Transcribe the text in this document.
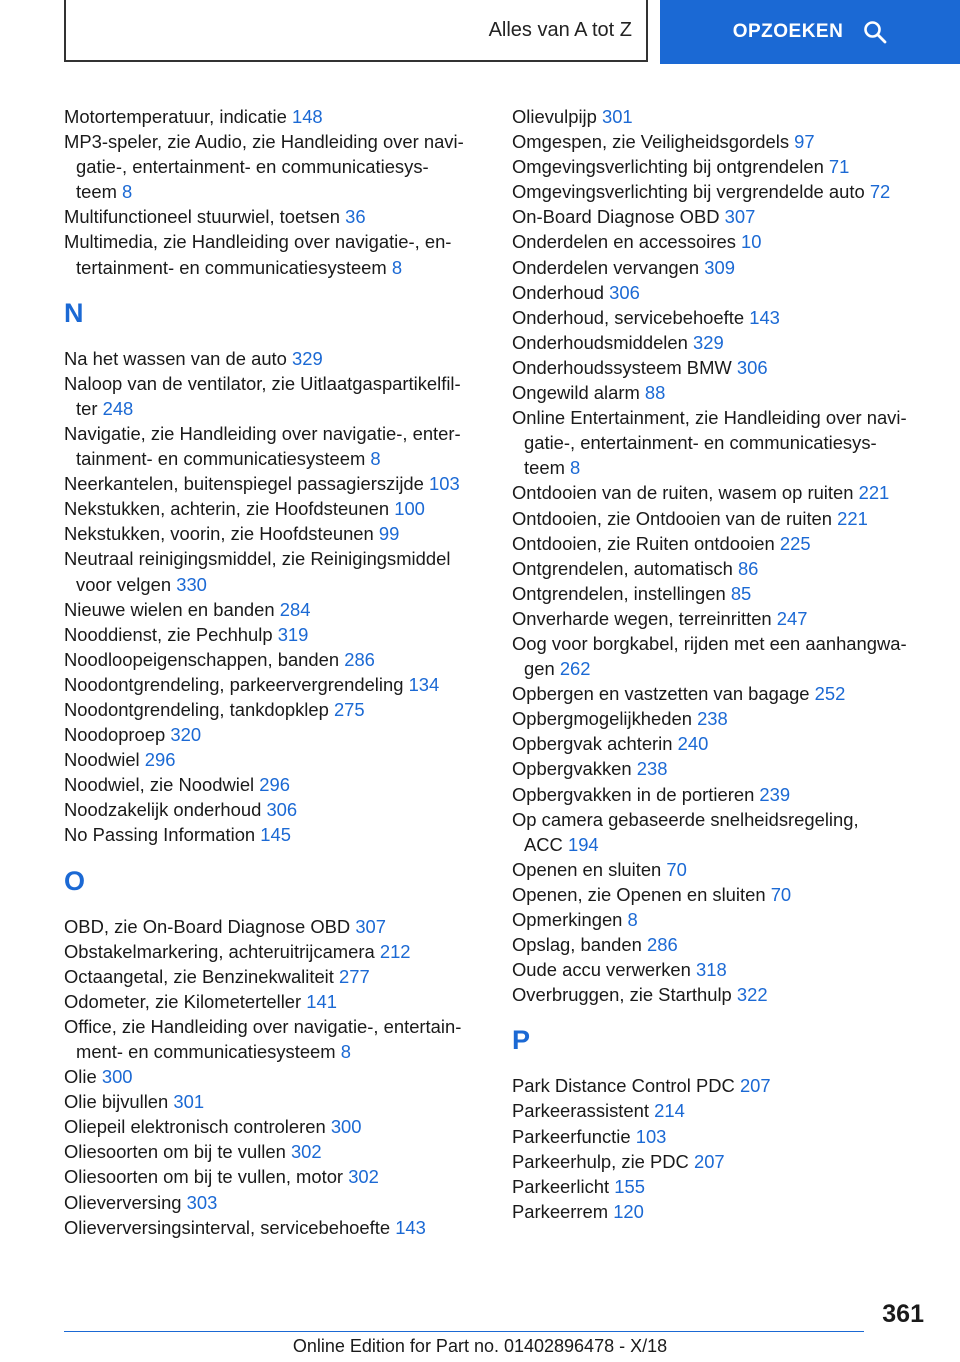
Alles van A tot Z	OPZOEKEN
Motortemperatuur, indicatie 148
MP3-speler, zie Audio, zie Handleiding over navi-
gatie-, entertainment- en communicatiesys-
teem 8
Multifunctioneel stuurwiel, toetsen 36
Multimedia, zie Handleiding over navigatie-, en-
tertainment- en communicatiesysteem 8
N
Na het wassen van de auto 329
Naloop van de ventilator, zie Uitlaatgaspartikelfil-
ter 248
Navigatie, zie Handleiding over navigatie-, enter-
tainment- en communicatiesysteem 8
Neerkantelen, buitenspiegel passagierszijde 103
Nekstukken, achterin, zie Hoofdsteunen 100
Nekstukken, voorin, zie Hoofdsteunen 99
Neutraal reinigingsmiddel, zie Reinigingsmiddel
voor velgen 330
Nieuwe wielen en banden 284
Nooddienst, zie Pechhulp 319
Noodloopeigenschappen, banden 286
Noodontgrendeling, parkeervergrendeling 134
Noodontgrendeling, tankdopklep 275
Noodoproep 320
Noodwiel 296
Noodwiel, zie Noodwiel 296
Noodzakelijk onderhoud 306
No Passing Information 145
O
OBD, zie On-Board Diagnose OBD 307
Obstakelmarkering, achteruitrijcamera 212
Octaangetal, zie Benzinekwaliteit 277
Odometer, zie Kilometerteller 141
Office, zie Handleiding over navigatie-, entertain-
ment- en communicatiesysteem 8
Olie 300
Olie bijvullen 301
Oliepeil elektronisch controleren 300
Oliesoorten om bij te vullen 302
Oliesoorten om bij te vullen, motor 302
Olieverversing 303
Olieverversingsinterval, servicebehoefte 143
Olievulpijp 301
Omgespen, zie Veiligheidsgordels 97
Omgevingsverlichting bij ontgrendelen 71
Omgevingsverlichting bij vergrendelde auto 72
On-Board Diagnose OBD 307
Onderdelen en accessoires 10
Onderdelen vervangen 309
Onderhoud 306
Onderhoud, servicebehoefte 143
Onderhoudsmiddelen 329
Onderhoudssysteem BMW 306
Ongewild alarm 88
Online Entertainment, zie Handleiding over navi-
gatie-, entertainment- en communicatiesys-
teem 8
Ontdooien van de ruiten, wasem op ruiten 221
Ontdooien, zie Ontdooien van de ruiten 221
Ontdooien, zie Ruiten ontdooien 225
Ontgrendelen, automatisch 86
Ontgrendelen, instellingen 85
Onverharde wegen, terreinritten 247
Oog voor borgkabel, rijden met een aanhangwa-
gen 262
Opbergen en vastzetten van bagage 252
Opbergmogelijkheden 238
Opbergvak achterin 240
Opbergvakken 238
Opbergvakken in de portieren 239
Op camera gebaseerde snelheidsregeling,
ACC 194
Openen en sluiten 70
Openen, zie Openen en sluiten 70
Opmerkingen 8
Opslag, banden 286
Oude accu verwerken 318
Overbruggen, zie Starthulp 322
P
Park Distance Control PDC 207
Parkeerassistent 214
Parkeerfunctie 103
Parkeerhulp, zie PDC 207
Parkeerlicht 155
Parkeerrem 120
361
Online Edition for Part no. 01402896478 - X/18
